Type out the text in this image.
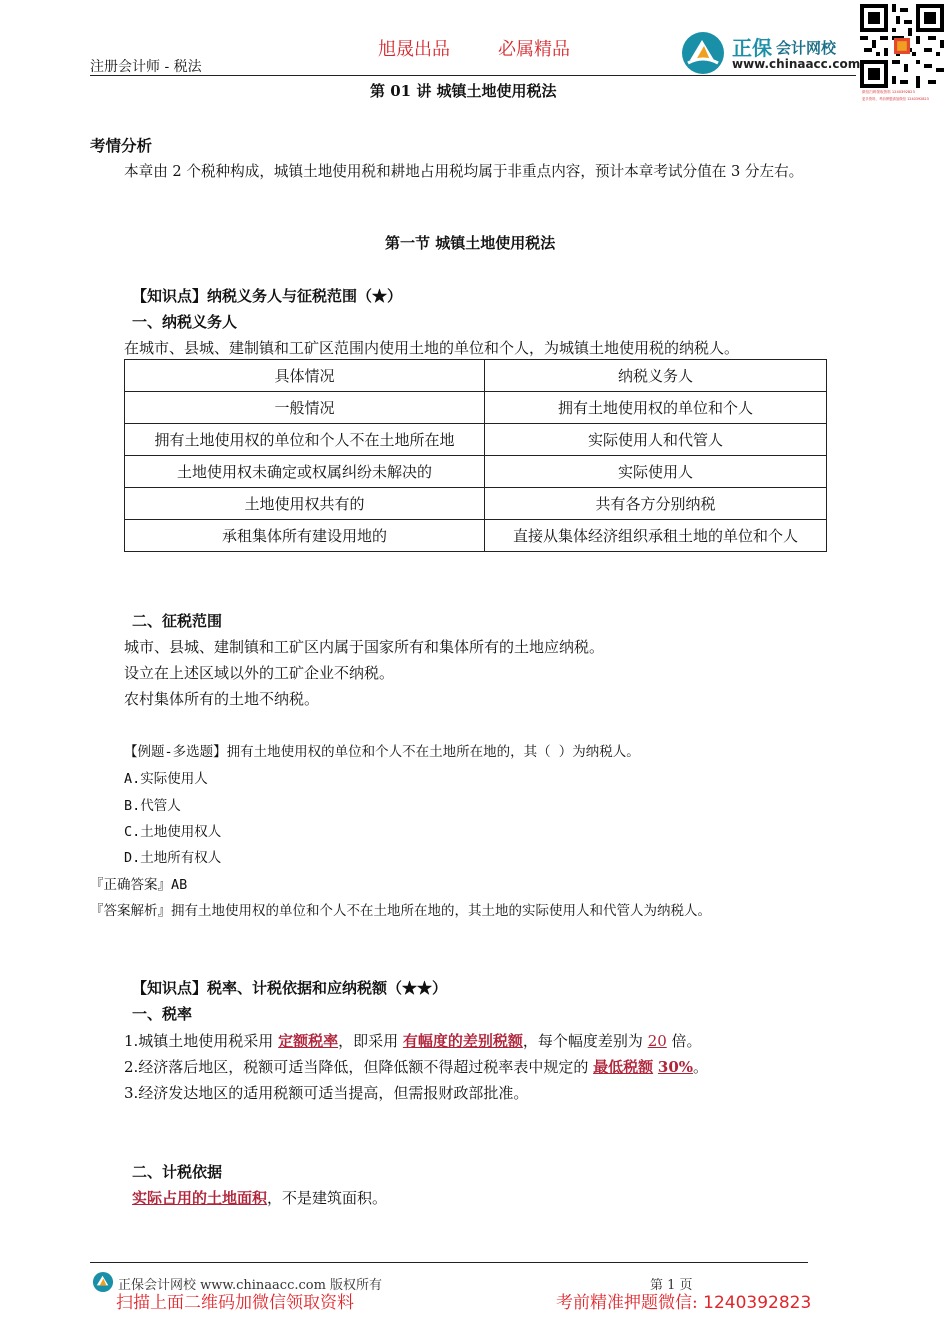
注册会计师 - 税法
旭晟出品	必属精品	正保 会计网校
www.chinaacc.com
微信扫码领取资料 1240392823
更多资料，考前押题请加微信 1240392823
第 01 讲 城镇土地使用税法
考情分析
本章由 2 个税种构成，城镇土地使用税和耕地占用税均属于非重点内容，预计本章考试分值在 3 分左右。
第一节 城镇土地使用税法
【知识点】纳税义务人与征税范围（★）
一、纳税义务人
在城市、县城、建制镇和工矿区范围内使用土地的单位和个人，为城镇土地使用税的纳税人。
具体情况	纳税义务人
一般情况	拥有土地使用权的单位和个人
拥有土地使用权的单位和个人不在土地所在地	实际使用人和代管人
土地使用权未确定或权属纠纷未解决的	实际使用人
土地使用权共有的	共有各方分别纳税
承租集体所有建设用地的	直接从集体经济组织承租土地的单位和个人
二、征税范围
城市、县城、建制镇和工矿区内属于国家所有和集体所有的土地应纳税。
设立在上述区域以外的工矿企业不纳税。
农村集体所有的土地不纳税。
【例题-多选题】拥有土地使用权的单位和个人不在土地所在地的，其（ ）为纳税人。
A.实际使用人
B.代管人
C.土地使用权人
D.土地所有权人
『正确答案』AB
『答案解析』拥有土地使用权的单位和个人不在土地所在地的，其土地的实际使用人和代管人为纳税人。
【知识点】税率、计税依据和应纳税额（★★）
一、税率
1.城镇土地使用税采用 定额税率，即采用 有幅度的差别税额，每个幅度差别为 20 倍。
2.经济落后地区，税额可适当降低，但降低额不得超过税率表中规定的 最低税额 30%。
3.经济发达地区的适用税额可适当提高，但需报财政部批准。
二、计税依据
实际占用的土地面积，不是建筑面积。
正保会计网校 www.chinaacc.com 版权所有	第 1 页
扫描上面二维码加微信领取资料	考前精准押题微信: 1240392823
